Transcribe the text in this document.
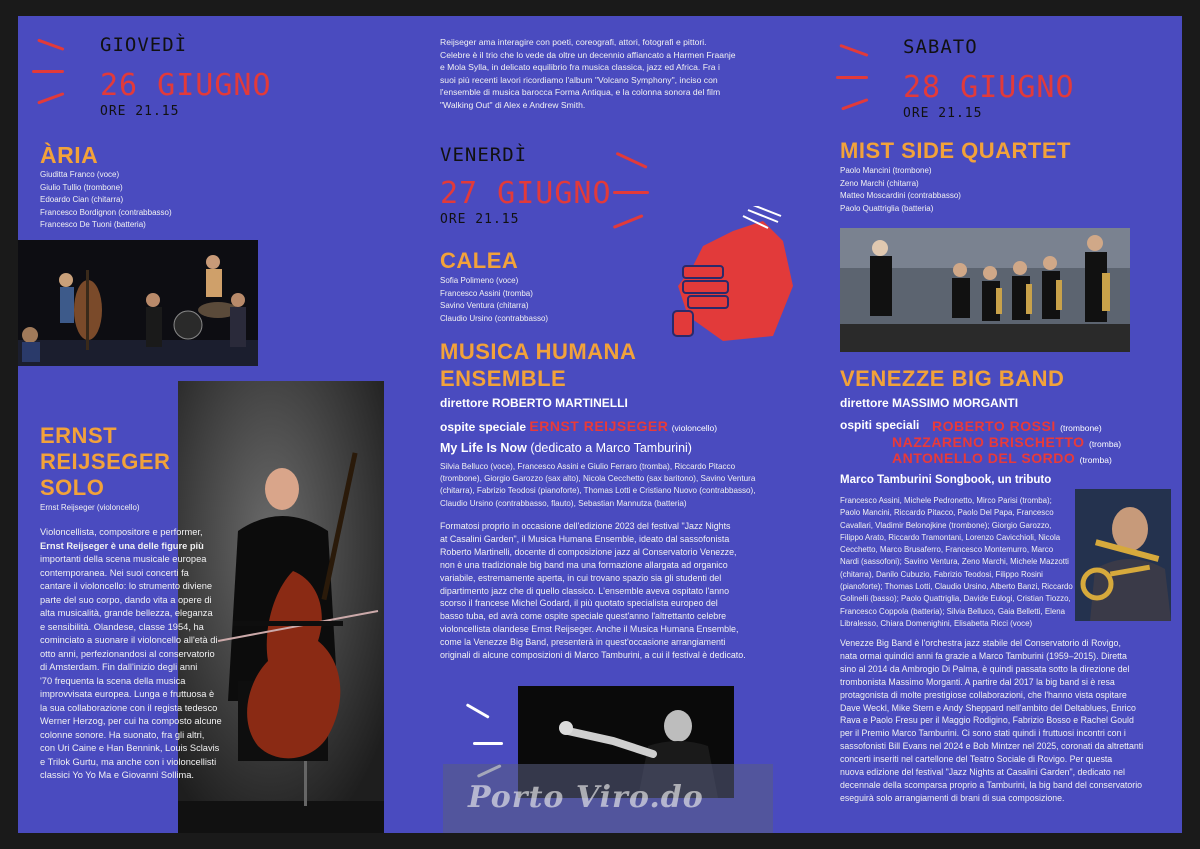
GIOVEDÌ
26 GIUGNO
ORE 21.15
ÀRIA
Giuditta Franco (voce)
Giulio Tullio (trombone)
Edoardo Cian (chitarra)
Francesco Bordignon (contrabbasso)
Francesco De Tuoni (batteria)
ERNST
REIJSEGER
SOLO
Ernst Reijseger (violoncello)
Violoncellista, compositore e performer,
Ernst Reijseger è una delle figure più
importanti della scena musicale europea
contemporanea. Nei suoi concerti fa
cantare il violoncello: lo strumento diviene
parte del suo corpo, dando vita a opere di
alta musicalità, grande bellezza, eleganza
e sensibilità. Olandese, classe 1954, ha
cominciato a suonare il violoncello all'età di
otto anni, perfezionandosi al conservatorio
di Amsterdam. Fin dall'inizio degli anni
'70 frequenta la scena della musica
improvvisata europea. Lunga e fruttuosa è
la sua collaborazione con il regista tedesco
Werner Herzog, per cui ha composto alcune
colonne sonore. Ha suonato, fra gli altri,
con Uri Caine e Han Bennink, Louis Sclavis
e Trilok Gurtu, ma anche con i violoncellisti
classici Yo Yo Ma e Giovanni Sollima.
Reijseger ama interagire con poeti, coreografi, attori, fotografi e pittori.
Celebre è il trio che lo vede da oltre un decennio affiancato a Harmen Fraanje
e Mola Sylla, in delicato equilibrio fra musica classica, jazz ed Africa. Fra i
suoi più recenti lavori ricordiamo l'album "Volcano Symphony", inciso con
l'ensemble di musica barocca Forma Antiqua, e la colonna sonora del film
"Walking Out" di Alex e Andrew Smith.
VENERDÌ
27 GIUGNO
ORE 21.15
CALEA
Sofia Polimeno (voce)
Francesco Assini (tromba)
Savino Ventura (chitarra)
Claudio Ursino (contrabbasso)
MUSICA HUMANA
ENSEMBLE
direttore ROBERTO MARTINELLI
ospite speciale ERNST REIJSEGER (violoncello)
My Life Is Now (dedicato a Marco Tamburini)
Silvia Belluco (voce), Francesco Assini e Giulio Ferraro (tromba), Riccardo Pitacco
(trombone), Giorgio Garozzo (sax alto), Nicola Cecchetto (sax baritono), Savino Ventura
(chitarra), Fabrizio Teodosi (pianoforte), Thomas Lotti e Cristiano Nuovo (contrabbasso),
Claudio Ursino (contrabbasso, flauto), Sebastian Mannutza (batteria)
Formatosi proprio in occasione dell'edizione 2023 del festival "Jazz Nights
at Casalini Garden", il Musica Humana Ensemble, ideato dal sassofonista
Roberto Martinelli, docente di composizione jazz al Conservatorio Venezze,
non è una tradizionale big band ma una formazione allargata ad organico
variabile, estremamente aperta, in cui trovano spazio sia gli studenti del
dipartimento jazz che di quello classico. L'ensemble aveva ospitato l'anno
scorso il francese Michel Godard, il più quotato specialista europeo del
basso tuba, ed avrà come ospite speciale quest'anno l'altrettanto celebre
violoncellista olandese Ernst Reijseger. Anche il Musica Humana Ensemble,
come la Venezze Big Band, presenterà in quest'occasione arrangiamenti
originali di alcune composizioni di Marco Tamburini, a cui il festival è dedicato.
Porto Viro.do
SABATO
28 GIUGNO
ORE 21.15
MIST SIDE QUARTET
Paolo Mancini (trombone)
Zeno Marchi (chitarra)
Matteo Moscardini (contrabbasso)
Paolo Quattriglia (batteria)
VENEZZE BIG BAND
direttore MASSIMO MORGANTI
ospiti speciali ROBERTO ROSSI (trombone)
NAZZARENO BRISCHETTO (tromba)
ANTONELLO DEL SORDO (tromba)
Marco Tamburini Songbook, un tributo
Francesco Assini, Michele Pedronetto, Mirco Parisi (tromba);
Paolo Mancini, Riccardo Pitacco, Paolo Del Papa, Francesco
Cavallari, Vladimir Belonojkine (trombone); Giorgio Garozzo,
Filippo Arato, Riccardo Tramontani, Lorenzo Cavicchioli, Nicola
Cecchetto, Marco Brusaferro, Francesco Montemurro, Marco
Nardi (sassofoni); Savino Ventura, Zeno Marchi, Michele Mazzotti
(chitarra), Danilo Cubuzio, Fabrizio Teodosi, Filippo Rosini
(pianoforte); Thomas Lotti, Claudio Ursino, Alberto Banzi, Riccardo
Golinelli (basso); Paolo Quattriglia, Davide Eulogi, Cristian Tiozzo,
Francesco Coppola (batteria); Silvia Belluco, Gaia Belletti, Elena
Libralesso, Chiara Domenighini, Elisabetta Ricci (voce)
Venezze Big Band è l'orchestra jazz stabile del Conservatorio di Rovigo,
nata ormai quindici anni fa grazie a Marco Tamburini (1959–2015). Diretta
sino al 2014 da Ambrogio Di Palma, è quindi passata sotto la direzione del
trombonista Massimo Morganti. A partire dal 2017 la big band si è resa
protagonista di molte prestigiose collaborazioni, che l'hanno vista ospitare
Dave Weckl, Mike Stern e Andy Sheppard nell'ambito del Deltablues, Enrico
Rava e Paolo Fresu per il Maggio Rodigino, Fabrizio Bosso e Rachel Gould
per il Premio Marco Tamburini. Ci sono stati quindi i fruttuosi incontri con i
sassofonisti Bill Evans nel 2024 e Bob Mintzer nel 2025, coronati da altrettanti
concerti inseriti nel cartellone del Teatro Sociale di Rovigo. Per questa
nuova edizione del festival "Jazz Nights at Casalini Garden", dedicato nel
decennale della scomparsa proprio a Tamburini, la big band del conservatorio
eseguirà solo arrangiamenti di brani di sua composizione.
